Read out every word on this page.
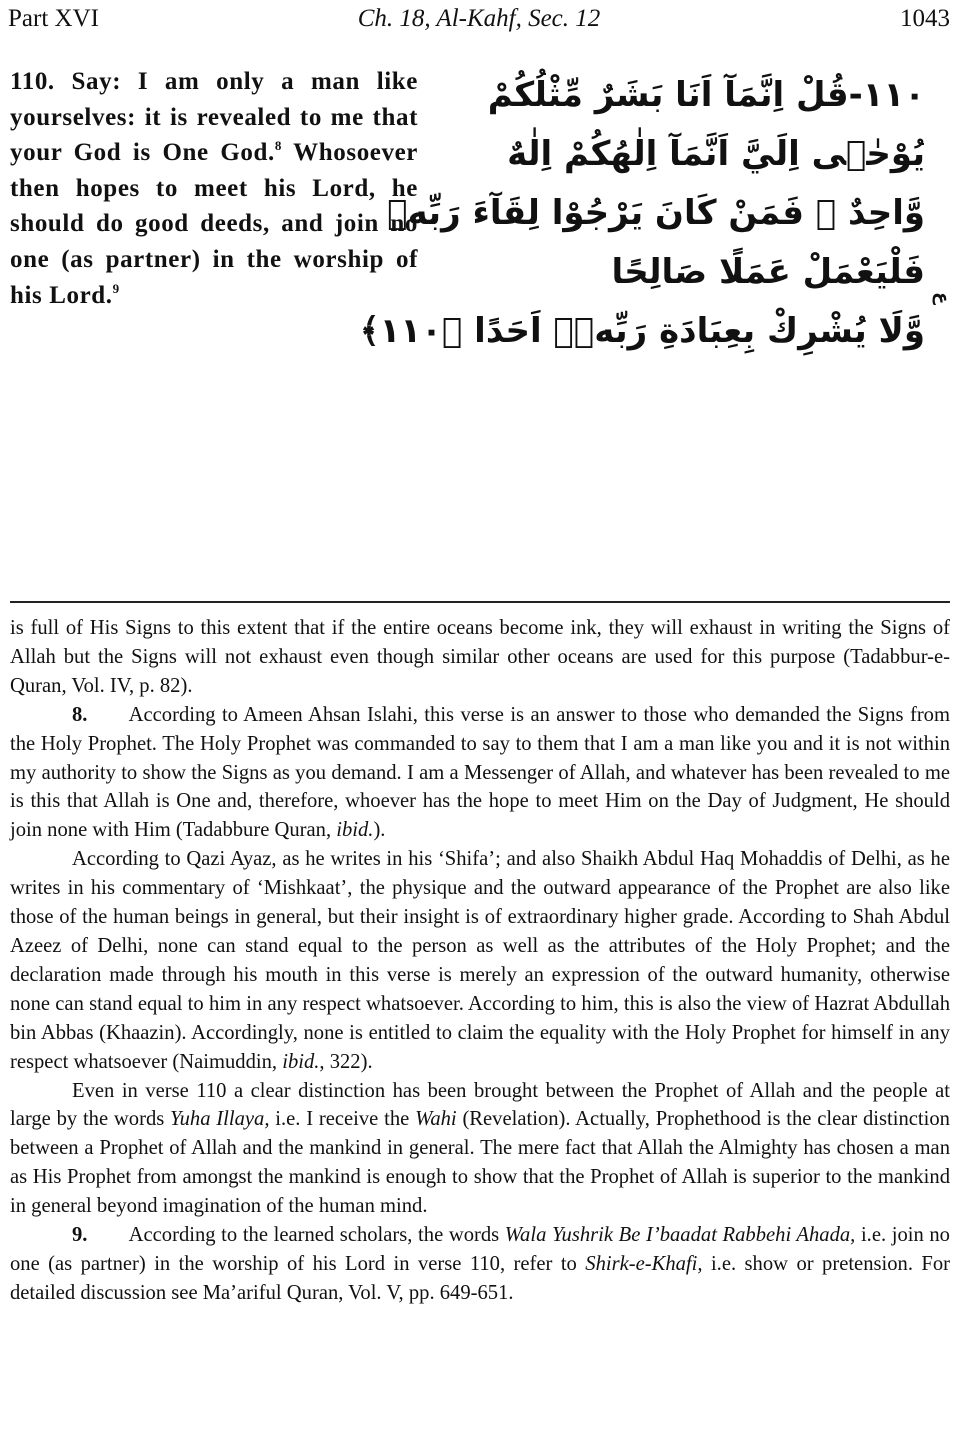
Part XVI	Ch. 18, Al-Kahf, Sec. 12	1043
110. Say: I am only a man like yourselves: it is revealed to me that your God is One God.$^8$ Whosoever then hopes to meet his Lord, he should do good deeds, and join no one (as partner) in the worship of his Lord.$^9$
١١٠-قُلْ اِنَّمَآ اَنَا بَشَرٌ مِّثْلُكُمْ
يُوْحٰۤى اِلَيَّ اَنَّمَآ اِلٰهُكُمْ اِلٰهٌ
وَّاحِدٌ ۚ فَمَنْ كَانَ يَرْجُوْا لِقَآءَ رَبِّهٖ
فَلْيَعْمَلْ عَمَلًا صَالِحًا
وَّلَا يُشْرِكْ بِعِبَادَةِ رَبِّهٖۤ اَحَدًا ﴿١١٠﴾
ع

is full of His Signs to this extent that if the entire oceans become ink, they will exhaust in writing the Signs of Allah but the Signs will not exhaust even though similar other oceans are used for this purpose (Tadabbur-e-Quran, Vol. IV, p. 82).

8.  According to Ameen Ahsan Islahi, this verse is an answer to those who demanded the Signs from the Holy Prophet. The Holy Prophet was commanded to say to them that I am a man like you and it is not within my authority to show the Signs as you demand. I am a Messenger of Allah, and whatever has been revealed to me is this that Allah is One and, therefore, whoever has the hope to meet Him on the Day of Judgment, He should join none with Him (Tadabbure Quran, ibid.).

According to Qazi Ayaz, as he writes in his ‘Shifa’; and also Shaikh Abdul Haq Mohaddis of Delhi, as he writes in his commentary of ‘Mishkaat’, the physique and the outward appearance of the Prophet are also like those of the human beings in general, but their insight is of extraordinary higher grade. According to Shah Abdul Azeez of Delhi, none can stand equal to the person as well as the attributes of the Holy Prophet; and the declaration made through his mouth in this verse is merely an expression of the outward humanity, otherwise none can stand equal to him in any respect whatsoever. According to him, this is also the view of Hazrat Abdullah bin Abbas (Khaazin). Accordingly, none is entitled to claim the equality with the Holy Prophet for himself in any respect whatsoever (Naimuddin, ibid., 322).

Even in verse 110 a clear distinction has been brought between the Prophet of Allah and the people at large by the words Yuha Illaya, i.e. I receive the Wahi (Revelation). Actually, Prophethood is the clear distinction between a Prophet of Allah and the mankind in general. The mere fact that Allah the Almighty has chosen a man as His Prophet from amongst the mankind is enough to show that the Prophet of Allah is superior to the mankind in general beyond imagination of the human mind.

9.  According to the learned scholars, the words Wala Yushrik Be I’baadat Rabbehi Ahada, i.e. join no one (as partner) in the worship of his Lord in verse 110, refer to Shirk-e-Khafi, i.e. show or pretension. For detailed discussion see Ma’ariful Quran, Vol. V, pp. 649-651.
